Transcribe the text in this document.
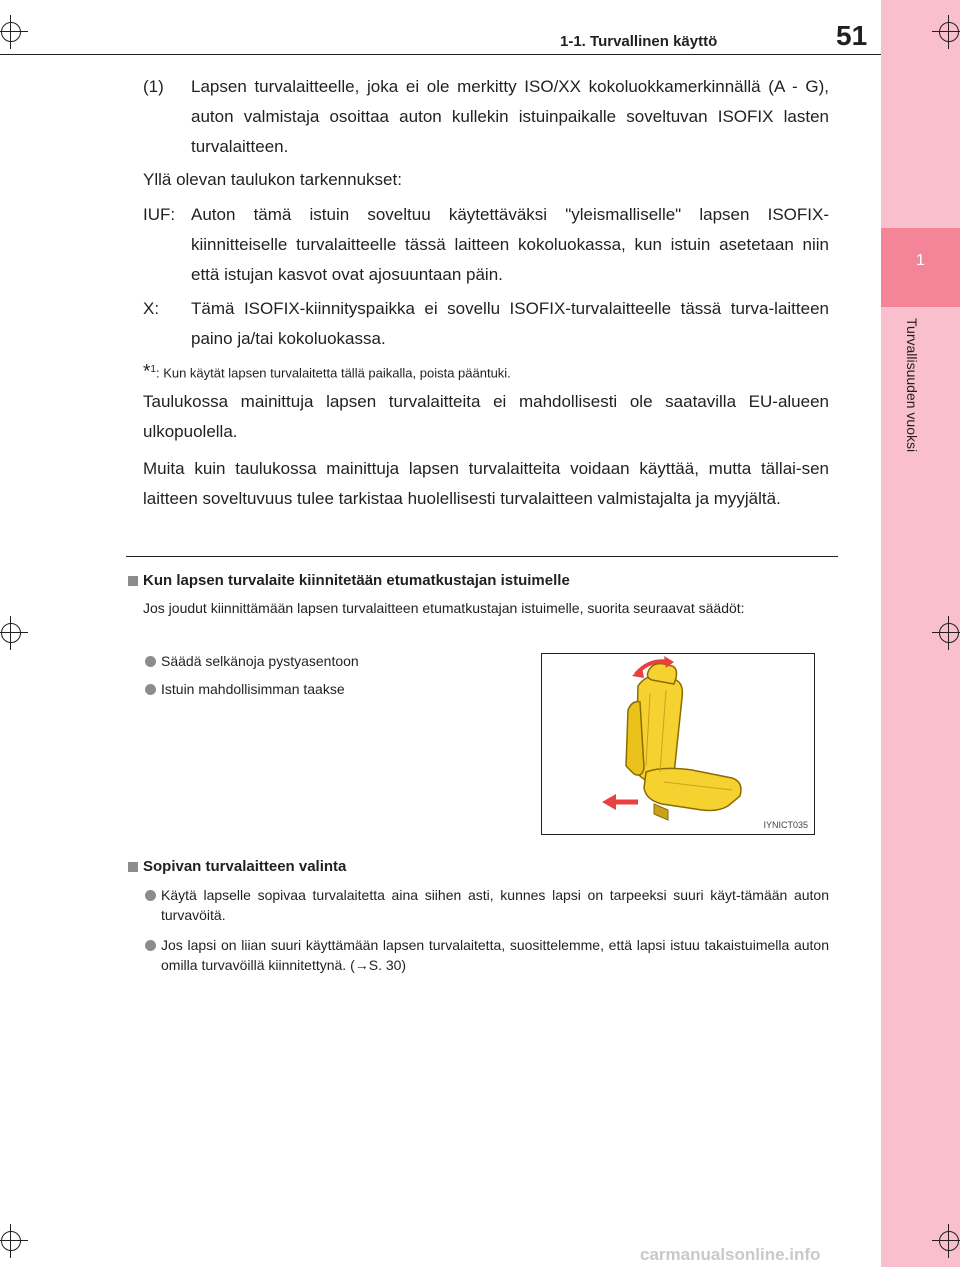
1
Turvallisuuden vuoksi
1-1. Turvallinen käyttö	51
(1) Lapsen turvalaitteelle, joka ei ole merkitty ISO/XX kokoluokkamerkinnällä (A - G), auton valmistaja osoittaa auton kullekin istuinpaikalle soveltuvan ISOFIX lasten turvalaitteen.
Yllä olevan taulukon tarkennukset:
IUF: Auton tämä istuin soveltuu käytettäväksi "yleismalliselle" lapsen ISOFIX-kiinnitteiselle turvalaitteelle tässä laitteen kokoluokassa, kun istuin asetetaan niin että istujan kasvot ovat ajosuuntaan päin.
X: Tämä ISOFIX-kiinnityspaikka ei sovellu ISOFIX-turvalaitteelle tässä turva-laitteen paino ja/tai kokoluokassa.
*$^1$: Kun käytät lapsen turvalaitetta tällä paikalla, poista pääntuki.
Taulukossa mainittuja lapsen turvalaitteita ei mahdollisesti ole saatavilla EU-alueen ulkopuolella.
Muita kuin taulukossa mainittuja lapsen turvalaitteita voidaan käyttää, mutta tällai-sen laitteen soveltuvuus tulee tarkistaa huolellisesti turvalaitteen valmistajalta ja myyjältä.
Kun lapsen turvalaite kiinnitetään etumatkustajan istuimelle
Jos joudut kiinnittämään lapsen turvalaitteen etumatkustajan istuimelle, suorita seuraavat säädöt:
Säädä selkänoja pystyasentoon
Istuin mahdollisimman taakse
IYNICT035
Sopivan turvalaitteen valinta
Käytä lapselle sopivaa turvalaitetta aina siihen asti, kunnes lapsi on tarpeeksi suuri käyt-tämään auton turvavöitä.
Jos lapsi on liian suuri käyttämään lapsen turvalaitetta, suosittelemme, että lapsi istuu takaistuimella auton omilla turvavöillä kiinnitettynä. (→S. 30)
carmanualsonline.info
